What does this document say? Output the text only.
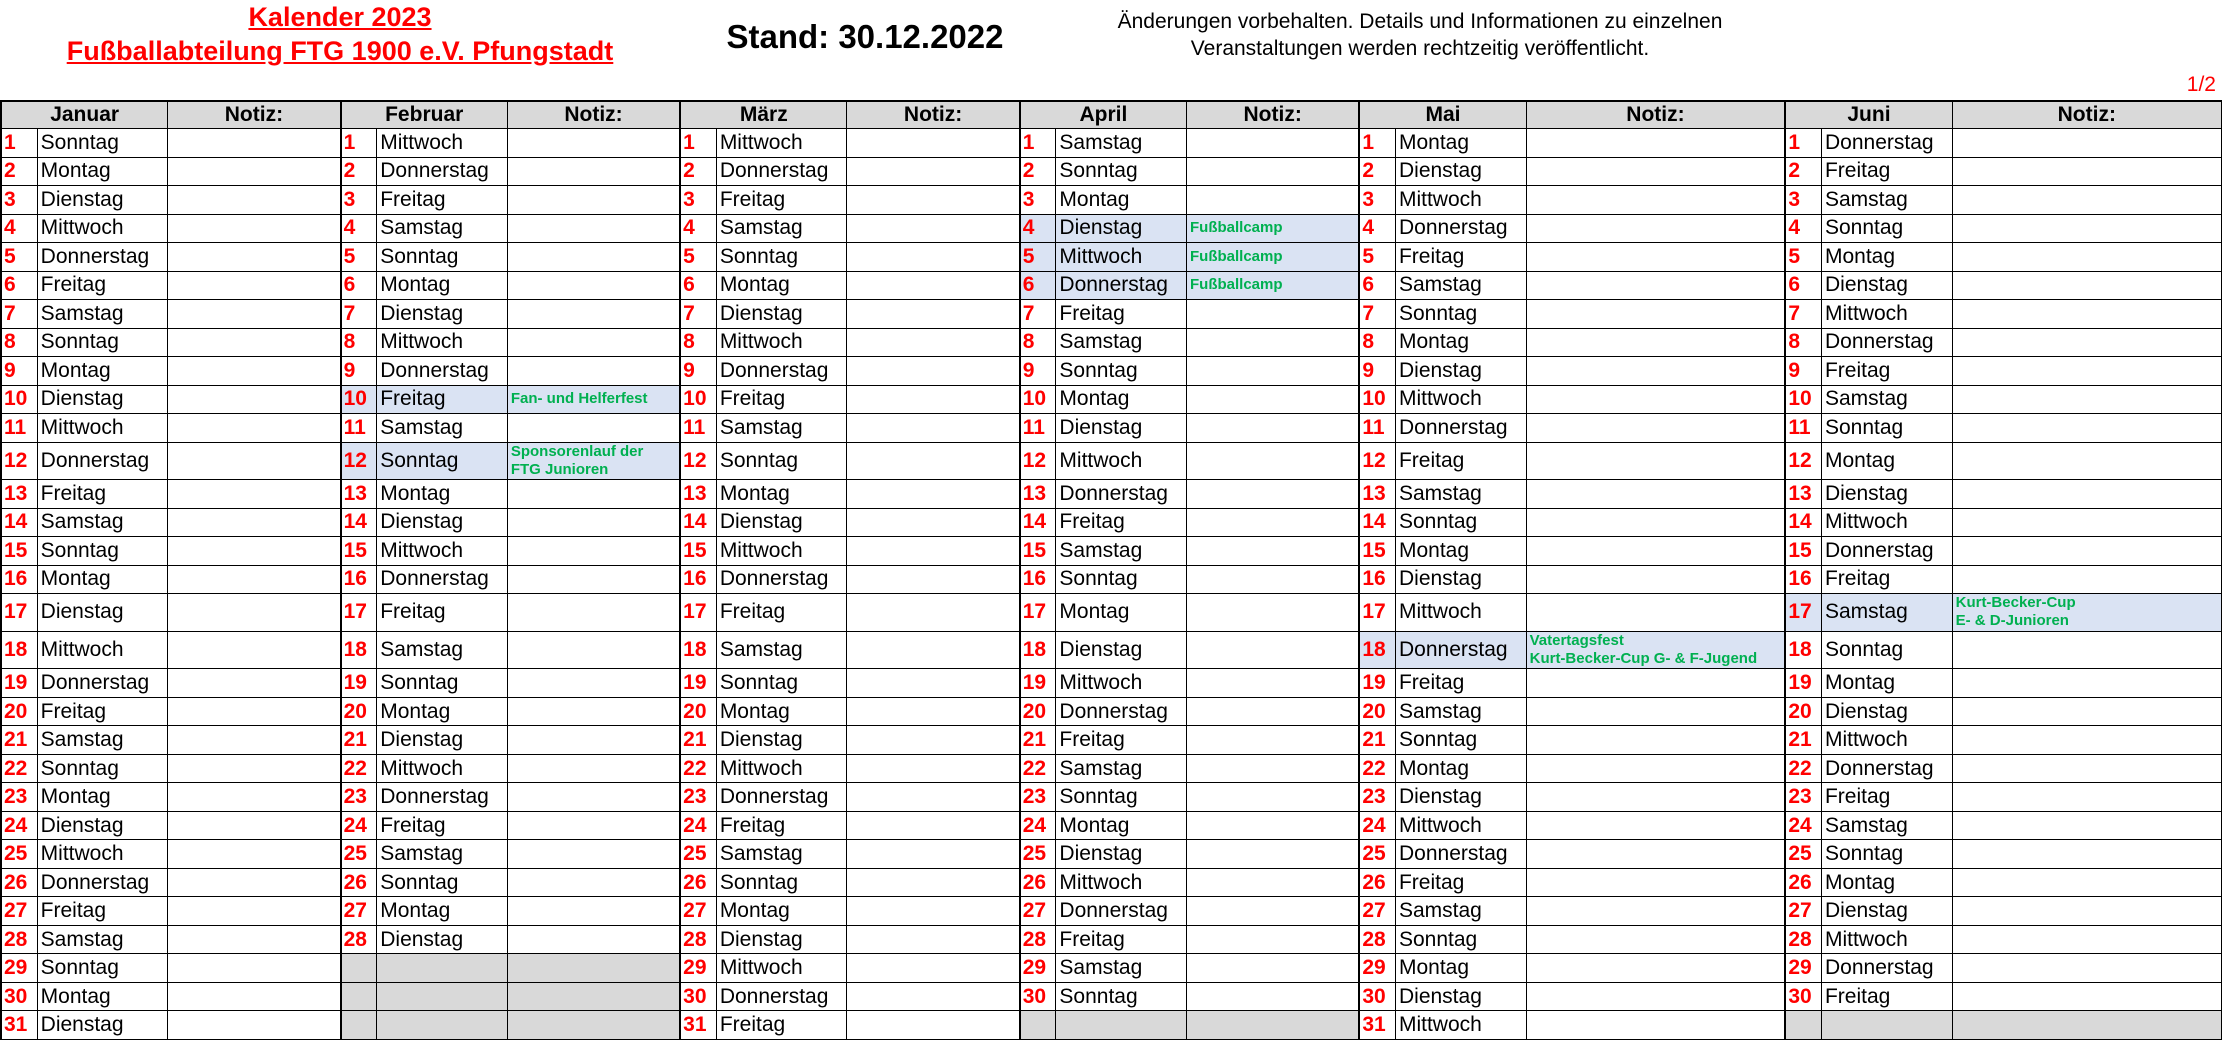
Kalender 2023
Fußballabteilung FTG 1900 e.V. Pfungstadt	Stand: 30.12.2022	Änderungen vorbehalten. Details und Informationen zu einzelnen
Veranstaltungen werden rechtzeitig veröffentlicht.
1/2
Januar		Notiz:	Februar		Notiz:	März		Notiz:	April		Notiz:	Mai		Notiz:	Juni		Notiz:
1	Sonntag		1	Mittwoch		1	Mittwoch		1	Samstag		1	Montag		1	Donnerstag	
2	Montag		2	Donnerstag		2	Donnerstag		2	Sonntag		2	Dienstag		2	Freitag	
3	Dienstag		3	Freitag		3	Freitag		3	Montag		3	Mittwoch		3	Samstag	
4	Mittwoch		4	Samstag		4	Samstag		4	Dienstag	Fußballcamp	4	Donnerstag		4	Sonntag	
5	Donnerstag		5	Sonntag		5	Sonntag		5	Mittwoch	Fußballcamp	5	Freitag		5	Montag	
6	Freitag		6	Montag		6	Montag		6	Donnerstag	Fußballcamp	6	Samstag		6	Dienstag	
7	Samstag		7	Dienstag		7	Dienstag		7	Freitag		7	Sonntag		7	Mittwoch	
8	Sonntag		8	Mittwoch		8	Mittwoch		8	Samstag		8	Montag		8	Donnerstag	
9	Montag		9	Donnerstag		9	Donnerstag		9	Sonntag		9	Dienstag		9	Freitag	
10	Dienstag		10	Freitag	Fan- und Helferfest	10	Freitag		10	Montag		10	Mittwoch		10	Samstag	
11	Mittwoch		11	Samstag		11	Samstag		11	Dienstag		11	Donnerstag		11	Sonntag	
12	Donnerstag		12	Sonntag	Sponsorenlauf der
FTG Junioren	12	Sonntag		12	Mittwoch		12	Freitag		12	Montag	
13	Freitag		13	Montag		13	Montag		13	Donnerstag		13	Samstag		13	Dienstag	
14	Samstag		14	Dienstag		14	Dienstag		14	Freitag		14	Sonntag		14	Mittwoch	
15	Sonntag		15	Mittwoch		15	Mittwoch		15	Samstag		15	Montag		15	Donnerstag	
16	Montag		16	Donnerstag		16	Donnerstag		16	Sonntag		16	Dienstag		16	Freitag	
17	Dienstag		17	Freitag		17	Freitag		17	Montag		17	Mittwoch		17	Samstag	Kurt-Becker-Cup
E- & D-Junioren
18	Mittwoch		18	Samstag		18	Samstag		18	Dienstag		18	Donnerstag	Vatertagsfest
Kurt-Becker-Cup G- & F-Jugend	18	Sonntag	
19	Donnerstag		19	Sonntag		19	Sonntag		19	Mittwoch		19	Freitag		19	Montag	
20	Freitag		20	Montag		20	Montag		20	Donnerstag		20	Samstag		20	Dienstag	
21	Samstag		21	Dienstag		21	Dienstag		21	Freitag		21	Sonntag		21	Mittwoch	
22	Sonntag		22	Mittwoch		22	Mittwoch		22	Samstag		22	Montag		22	Donnerstag	
23	Montag		23	Donnerstag		23	Donnerstag		23	Sonntag		23	Dienstag		23	Freitag	
24	Dienstag		24	Freitag		24	Freitag		24	Montag		24	Mittwoch		24	Samstag	
25	Mittwoch		25	Samstag		25	Samstag		25	Dienstag		25	Donnerstag		25	Sonntag	
26	Donnerstag		26	Sonntag		26	Sonntag		26	Mittwoch		26	Freitag		26	Montag	
27	Freitag		27	Montag		27	Montag		27	Donnerstag		27	Samstag		27	Dienstag	
28	Samstag		28	Dienstag		28	Dienstag		28	Freitag		28	Sonntag		28	Mittwoch	
29	Sonntag					29	Mittwoch		29	Samstag		29	Montag		29	Donnerstag	
30	Montag					30	Donnerstag		30	Sonntag		30	Dienstag		30	Freitag	
31	Dienstag					31	Freitag					31	Mittwoch				
